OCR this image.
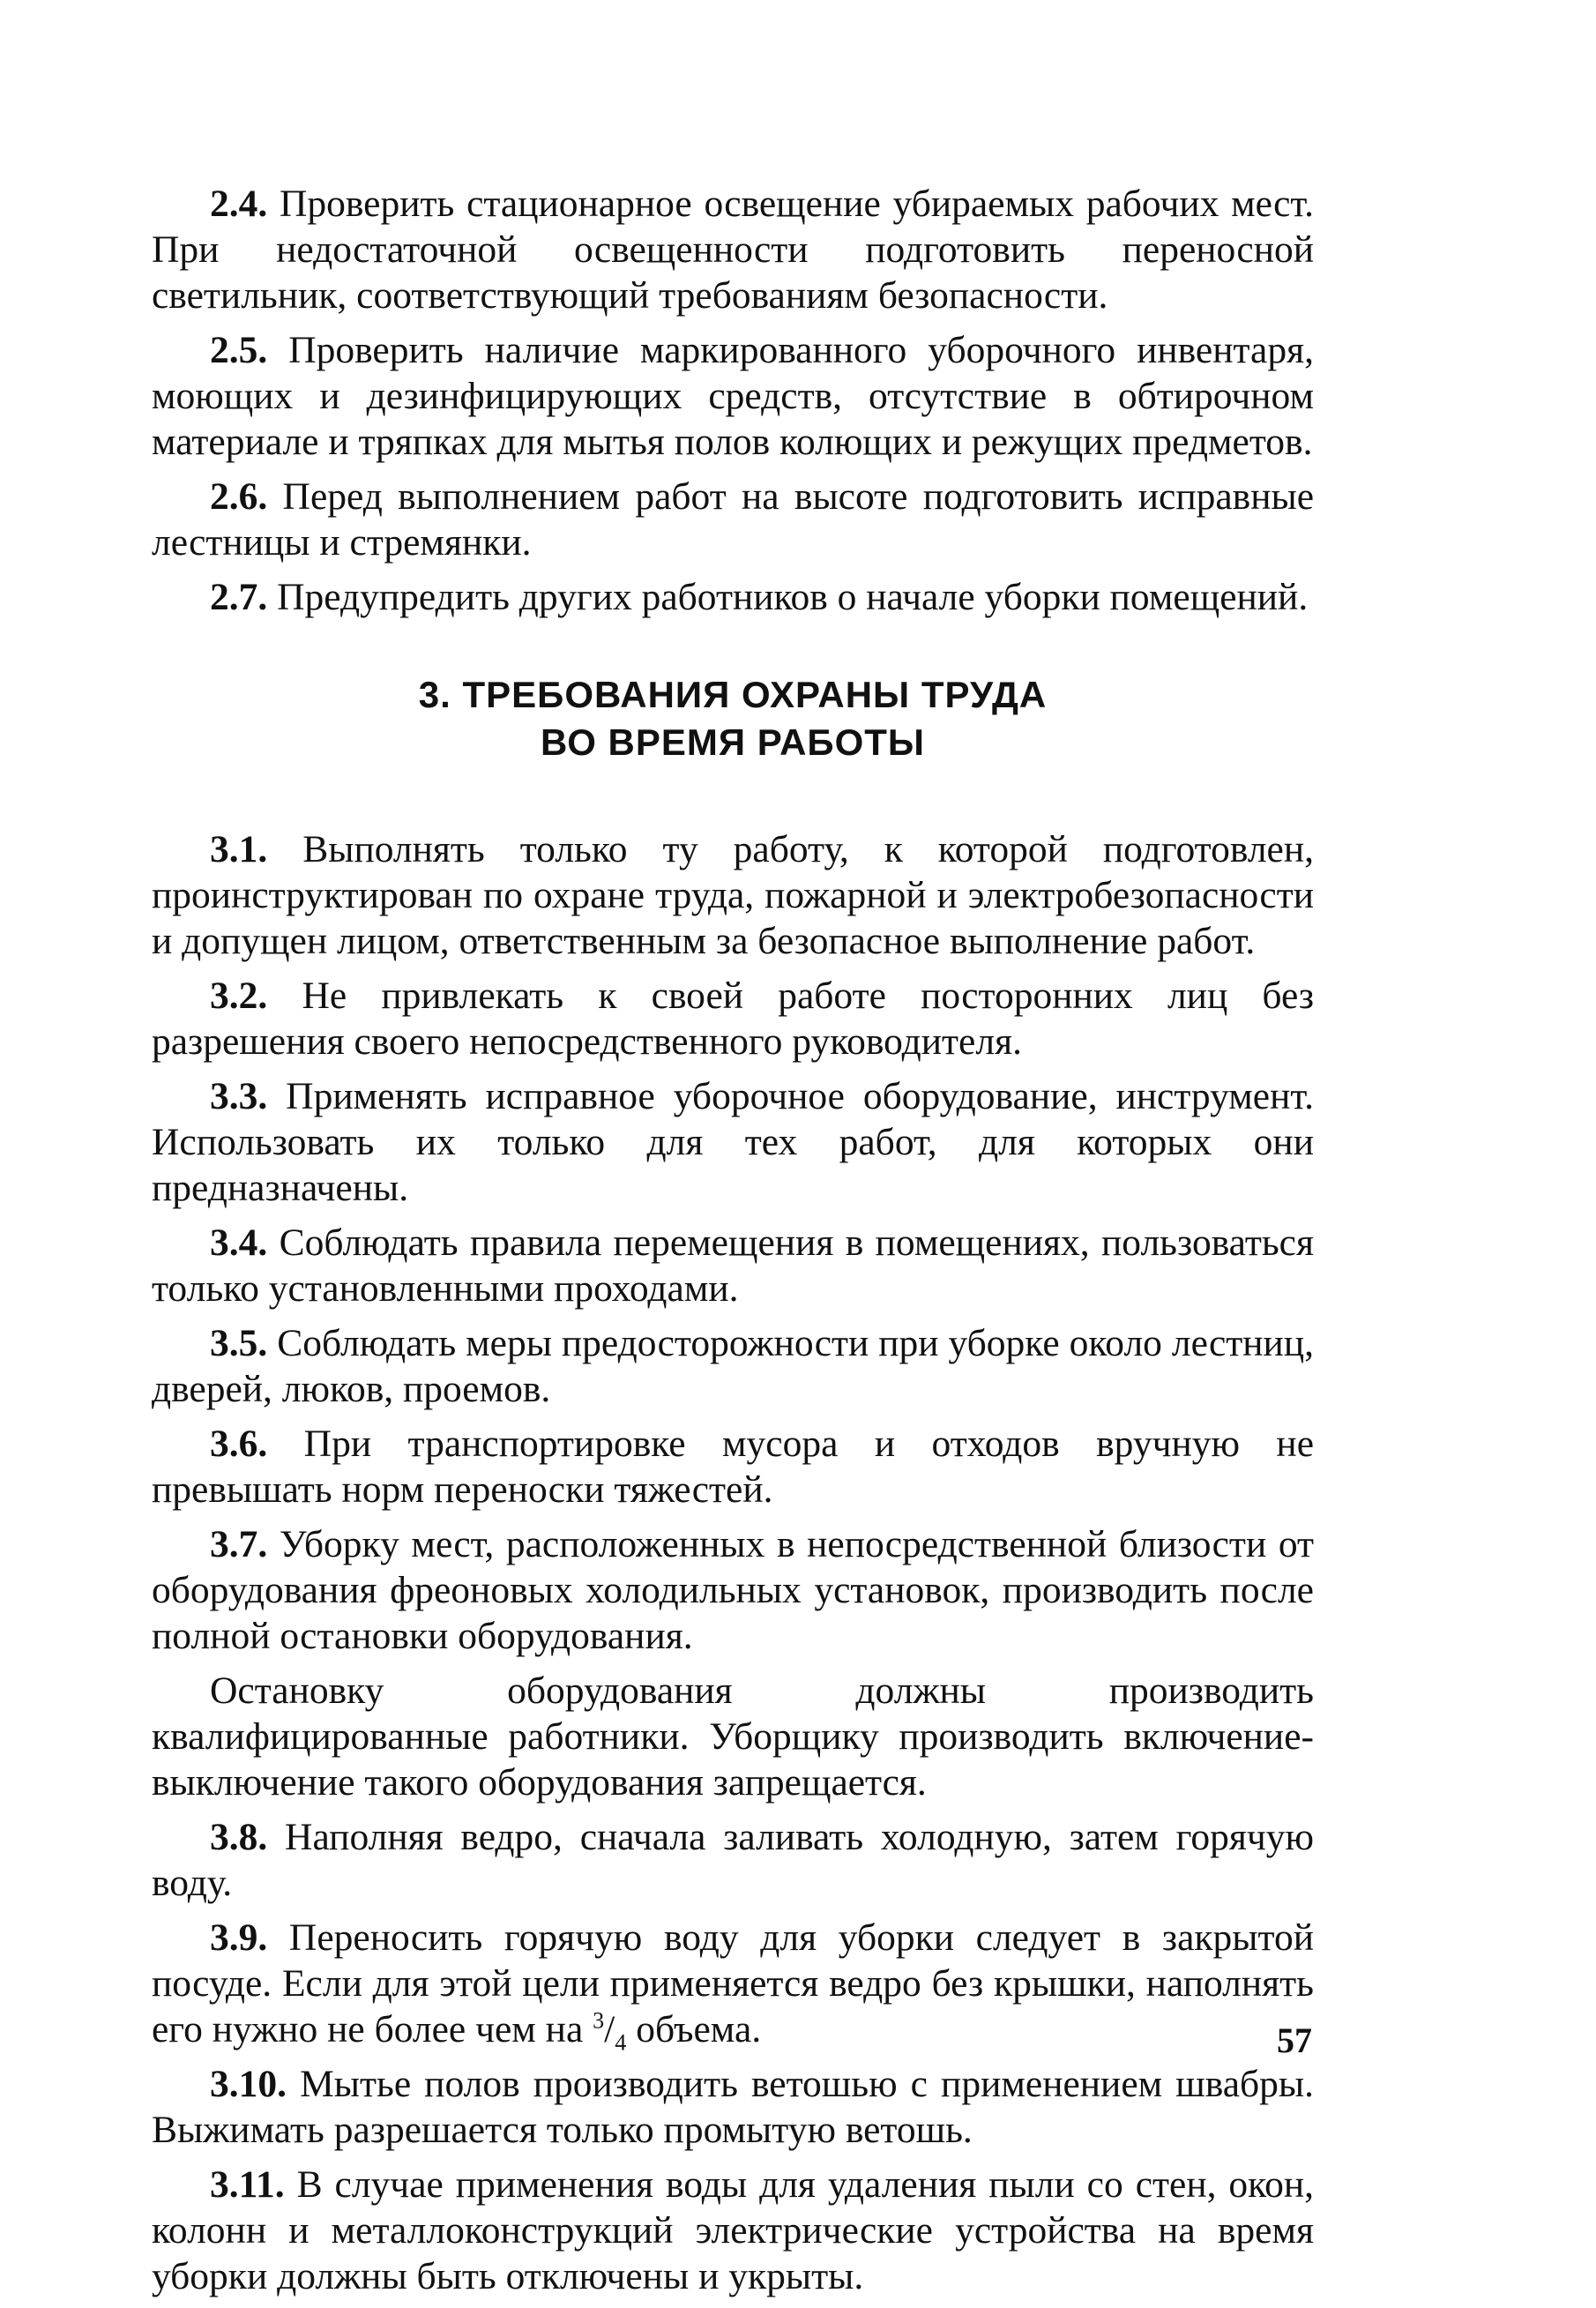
2.4. Проверить стационарное освещение убираемых рабочих мест. При недостаточной освещенности подготовить переносной светильник, соответствующий требованиям безопасности.

2.5. Проверить наличие маркированного уборочного инвентаря, моющих и дезинфицирующих средств, отсутствие в обтирочном материале и тряпках для мытья полов колющих и режущих предметов.

2.6. Перед выполнением работ на высоте подготовить исправные лестницы и стремянки.

2.7. Предупредить других работников о начале уборки помещений.

3. ТРЕБОВАНИЯ ОХРАНЫ ТРУДА
ВО ВРЕМЯ РАБОТЫ

3.1. Выполнять только ту работу, к которой подготовлен, проинструктирован по охране труда, пожарной и электробезопасности и допущен лицом, ответственным за безопасное выполнение работ.

3.2. Не привлекать к своей работе посторонних лиц без разрешения своего непосредственного руководителя.

3.3. Применять исправное уборочное оборудование, инструмент. Использовать их только для тех работ, для которых они предназначены.

3.4. Соблюдать правила перемещения в помещениях, пользоваться только установленными проходами.

3.5. Соблюдать меры предосторожности при уборке около лестниц, дверей, люков, проемов.

3.6. При транспортировке мусора и отходов вручную не превышать норм переноски тяжестей.

3.7. Уборку мест, расположенных в непосредственной близости от оборудования фреоновых холодильных установок, производить после полной остановки оборудования.

Остановку оборудования должны производить квалифицированные работники. Уборщику производить включение-выключение такого оборудования запрещается.

3.8. Наполняя ведро, сначала заливать холодную, затем горячую воду.

3.9. Переносить горячую воду для уборки следует в закрытой посуде. Если для этой цели применяется ведро без крышки, наполнять его нужно не более чем на $^3/_4$ объема.

3.10. Мытье полов производить ветошью с применением швабры. Выжимать разрешается только промытую ветошь.

3.11. В случае применения воды для удаления пыли со стен, окон, колонн и металлоконструкций электрические устройства на время уборки должны быть отключены и укрыты.

57
